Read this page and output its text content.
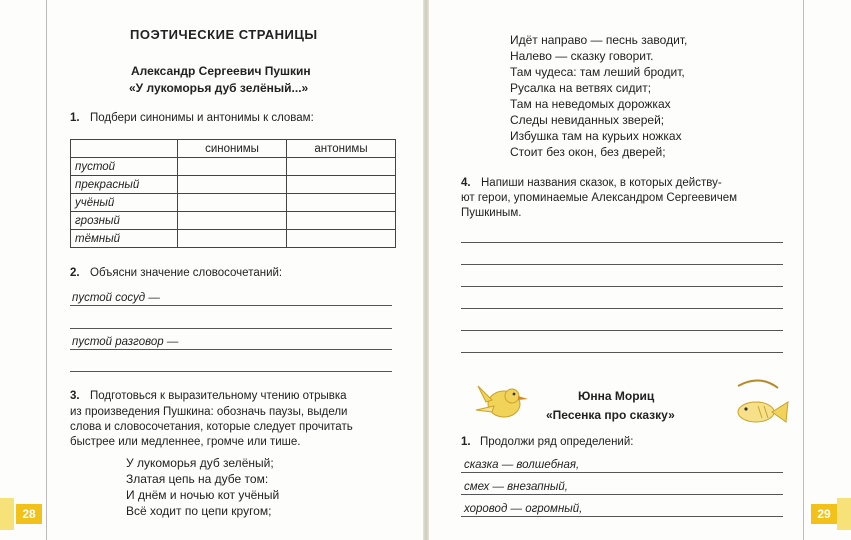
ПОЭТИЧЕСКИЕ СТРАНИЦЫ
Александр Сергеевич Пушкин
«У лукоморья дуб зелёный...»
1. Подбери синонимы и антонимы к словам:
	синонимы	антонимы
пустой		
прекрасный		
учёный		
грозный		
тёмный		
2. Объясни значение словосочетаний:
пустой сосуд —
пустой разговор —
3. Подготовься к выразительному чтению отрывка
из произведения Пушкина: обозначь паузы, выдели
слова и словосочетания, которые следует прочитать
быстрее или медленнее, громче или тише.
У лукоморья дуб зелёный;
Златая цепь на дубе том:
И днём и ночью кот учёный
Всё ходит по цепи кругом;
28
Идёт направо — песнь заводит,
Налево — сказку говорит.
Там чудеса: там леший бродит,
Русалка на ветвях сидит;
Там на неведомых дорожках
Следы невиданных зверей;
Избушка там на курьих ножках
Стоит без окон, без дверей;
4. Напиши названия сказок, в которых действу-
ют герои, упоминаемые Александром Сергеевичем
Пушкиным.
Юнна Мориц
«Песенка про сказку»
1. Продолжи ряд определений:
сказка — волшебная,
смех — внезапный,
хоровод — огромный,	29
